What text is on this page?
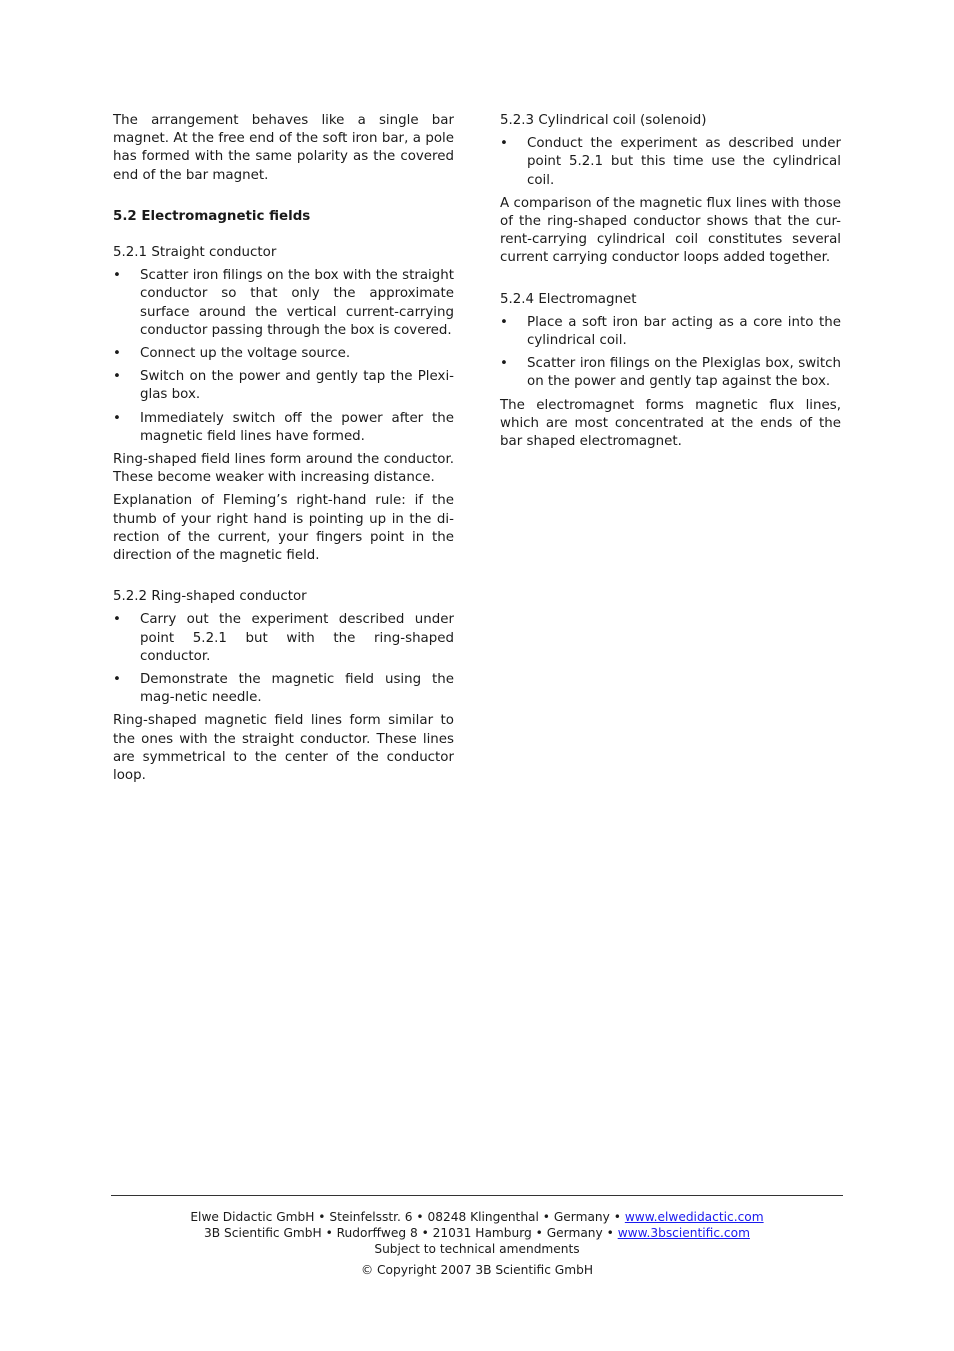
The arrangement behaves like a single bar magnet. At the free end of the soft iron bar, a pole has formed with the same polarity as the covered end of the bar magnet.

5.2 Electromagnetic fields
5.2.1 Straight conductor
• Scatter iron filings on the box with the straight conductor so that only the approximate surface around the vertical current-carrying conductor passing through the box is covered.
• Connect up the voltage source.
• Switch on the power and gently tap the Plexi-glas box.
• Immediately switch off the power after the magnetic field lines have formed.

Ring-shaped field lines form around the conductor. These become weaker with increasing distance.

Explanation of Fleming’s right-hand rule: if the thumb of your right hand is pointing up in the di-rection of the current, your fingers point in the direction of the magnetic field.

5.2.2 Ring-shaped conductor
• Carry out the experiment described under point 5.2.1 but with the ring-shaped conductor.
• Demonstrate the magnetic field using the mag-netic needle.

Ring-shaped magnetic field lines form similar to the ones with the straight conductor. These lines are symmetrical to the center of the conductor loop.

5.2.3 Cylindrical coil (solenoid)
• Conduct the experiment as described under point 5.2.1 but this time use the cylindrical coil.

A comparison of the magnetic flux lines with those of the ring-shaped conductor shows that the cur-rent-carrying cylindrical coil constitutes several current carrying conductor loops added together.

5.2.4 Electromagnet
• Place a soft iron bar acting as a core into the cylindrical coil.
• Scatter iron filings on the Plexiglas box, switch on the power and gently tap against the box.

The electromagnet forms magnetic flux lines, which are most concentrated at the ends of the bar shaped electromagnet.

Elwe Didactic GmbH • Steinfelsstr. 6 • 08248 Klingenthal • Germany • www.elwedidactic.com
3B Scientific GmbH • Rudorffweg 8 • 21031 Hamburg • Germany • www.3bscientific.com
Subject to technical amendments
© Copyright 2007 3B Scientific GmbH
